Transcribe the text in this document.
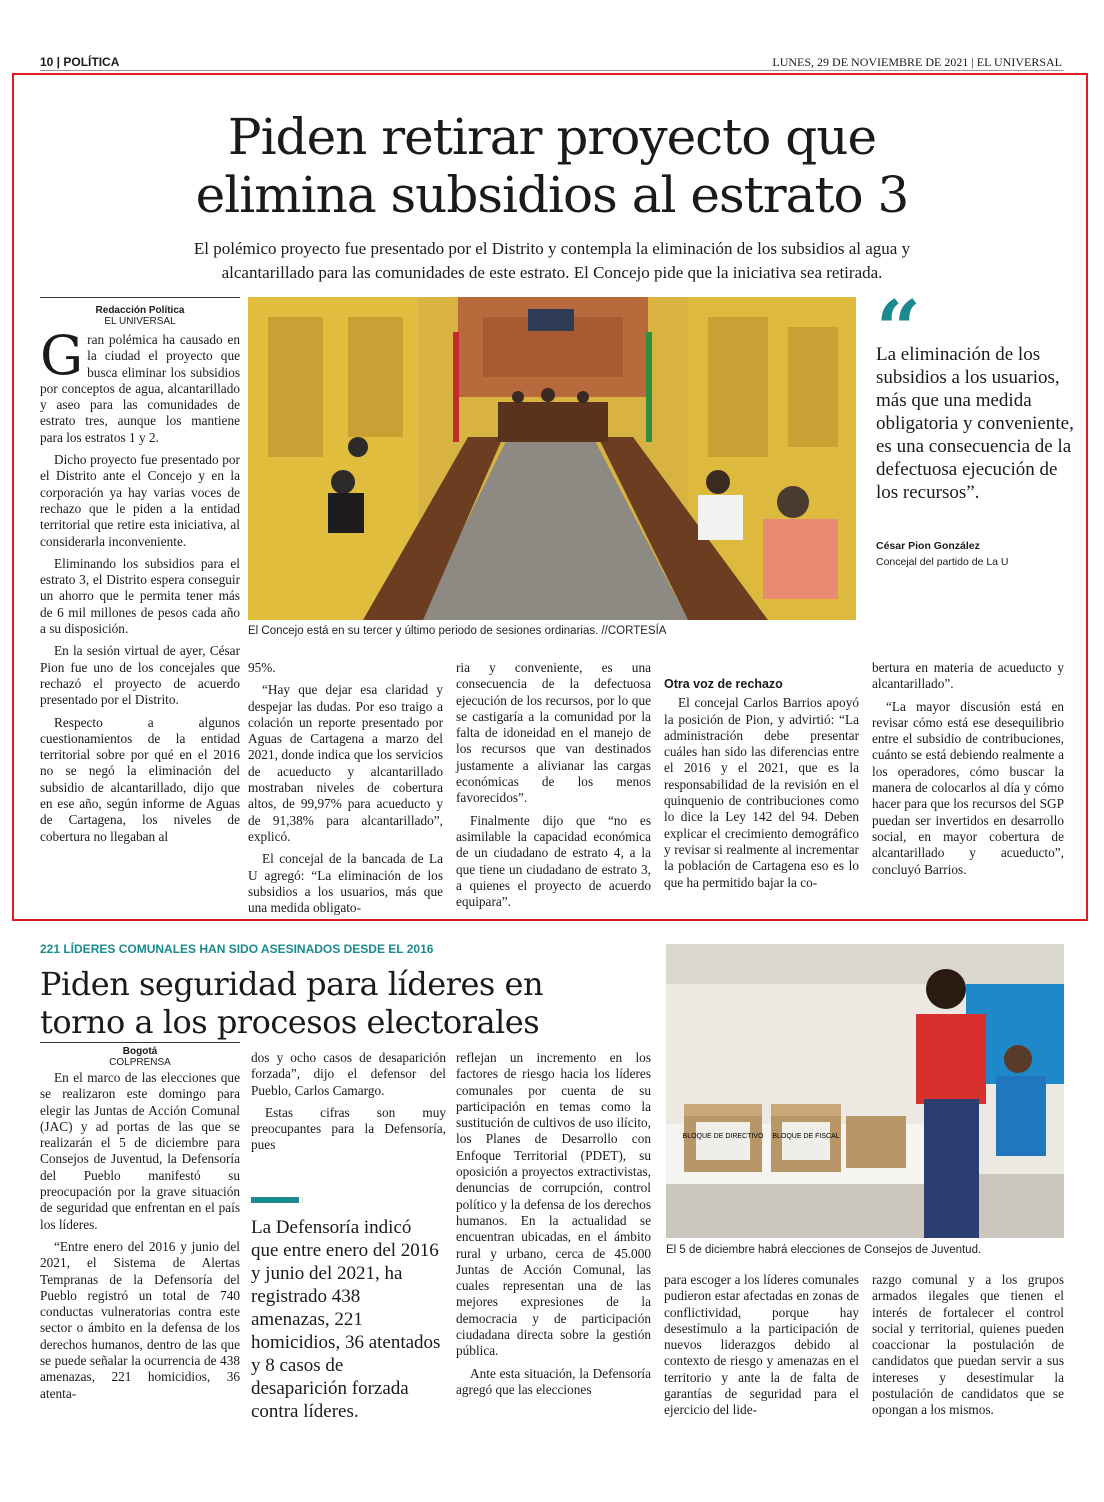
10 | POLÍTICA	LUNES, 29 DE NOVIEMBRE DE 2021 | EL UNIVERSAL
Piden retirar proyecto que
elimina subsidios al estrato 3
El polémico proyecto fue presentado por el Distrito y contempla la eliminación de los subsidios al agua y
alcantarillado para las comunidades de este estrato. El Concejo pide que la iniciativa sea retirada.
Redacción Política
EL UNIVERSAL

Gran polémica ha causado en la ciudad el proyecto que busca eliminar los subsidios por conceptos de agua, alcantarillado y aseo para las comunidades de estrato tres, aunque los mantiene para los estratos 1 y 2.

Dicho proyecto fue presentado por el Distrito ante el Concejo y en la corporación ya hay varias voces de rechazo que le piden a la entidad territorial que retire esta iniciativa, al considerarla inconveniente.

Eliminando los subsidios para el estrato 3, el Distrito espera conseguir un ahorro que le permita tener más de 6 mil millones de pesos cada año a su disposición.

En la sesión virtual de ayer, César Pion fue uno de los concejales que rechazó el proyecto de acuerdo presentado por el Distrito.

Respecto a algunos cuestionamientos de la entidad territorial sobre por qué en el 2016 no se negó la eliminación del subsidio de alcantarillado, dijo que en ese año, según informe de Aguas de Cartagena, los niveles de cobertura no llegaban al

El Concejo está en su tercer y último periodo de sesiones ordinarias. //CORTESÍA
“
La eliminación de los subsidios a los usuarios, más que una medida obligatoria y conveniente, es una consecuencia de la defectuosa ejecución de los recursos”.
César Pion González
Concejal del partido de La U

95%.

“Hay que dejar esa claridad y despejar las dudas. Por eso traigo a colación un reporte presentado por Aguas de Cartagena a marzo del 2021, donde indica que los servicios de acueducto y alcantarillado mostraban niveles de cobertura altos, de 99,97% para acueducto y de 91,38% para alcantarillado”, explicó.

El concejal de la bancada de La U agregó: “La eliminación de los subsidios a los usuarios, más que una medida obligato-

ria y conveniente, es una consecuencia de la defectuosa ejecución de los recursos, por lo que se castigaría a la comunidad por la falta de idoneidad en el manejo de los recursos que van destinados justamente a alivianar las cargas económicas de los menos favorecidos”.

Finalmente dijo que “no es asimilable la capacidad económica de un ciudadano de estrato 4, a la que tiene un ciudadano de estrato 3, a quienes el proyecto de acuerdo equipara”.

Otra voz de rechazo

El concejal Carlos Barrios apoyó la posición de Pion, y advirtió: “La administración debe presentar cuáles han sido las diferencias entre el 2016 y el 2021, que es la responsabilidad de la revisión en el quinquenio de contribuciones como lo dice la Ley 142 del 94. Deben explicar el crecimiento demográfico y revisar si realmente al incrementar la población de Cartagena eso es lo que ha permitido bajar la co-

bertura en materia de acueducto y alcantarillado”.

“La mayor discusión está en revisar cómo está ese desequilibrio entre el subsidio de contribuciones, cuánto se está debiendo realmente a los operadores, cómo buscar la manera de colocarlos al día y cómo hacer para que los recursos del SGP puedan ser invertidos en desarrollo social, en mayor cobertura de alcantarillado y acueducto”, concluyó Barrios.

221 LÍDERES COMUNALES HAN SIDO ASESINADOS DESDE EL 2016
Piden seguridad para líderes en
torno a los procesos electorales
Bogotá
COLPRENSA

En el marco de las elecciones que se realizaron este domingo para elegir las Juntas de Acción Comunal (JAC) y ad portas de las que se realizarán el 5 de diciembre para Consejos de Juventud, la Defensoría del Pueblo manifestó su preocupación por la grave situación de seguridad que enfrentan en el país los líderes.

“Entre enero del 2016 y junio del 2021, el Sistema de Alertas Tempranas de la Defensoría del Pueblo registró un total de 740 conductas vulneratorias contra este sector o ámbito en la defensa de los derechos humanos, dentro de las que se puede señalar la ocurrencia de 438 amenazas, 221 homicidios, 36 atenta-

dos y ocho casos de desaparición forzada”, dijo el defensor del Pueblo, Carlos Camargo.

Estas cifras son muy preocupantes para la Defensoría, pues

La Defensoría indicó que entre enero del 2016 y junio del 2021, ha registrado 438 amenazas, 221 homicidios, 36 atentados y 8 casos de desaparición forzada contra líderes.

reflejan un incremento en los factores de riesgo hacia los líderes comunales por cuenta de su participación en temas como la sustitución de cultivos de uso ilícito, los Planes de Desarrollo con Enfoque Territorial (PDET), su oposición a proyectos extractivistas, denuncias de corrupción, control político y la defensa de los derechos humanos. En la actualidad se encuentran ubicadas, en el ámbito rural y urbano, cerca de 45.000 Juntas de Acción Comunal, las cuales representan una de las mejores expresiones de la democracia y de participación ciudadana directa sobre la gestión pública.

Ante esta situación, la Defensoría agregó que las elecciones

BLOQUE DE DIRECTIVO BLOQUE DE FISCAL
El 5 de diciembre habrá elecciones de Consejos de Juventud.

para escoger a los líderes comunales pudieron estar afectadas en zonas de conflictividad, porque hay desestímulo a la participación de nuevos liderazgos debido al contexto de riesgo y amenazas en el territorio y ante la de falta de garantías de seguridad para el ejercicio del lide-

razgo comunal y a los grupos armados ilegales que tienen el interés de fortalecer el control social y territorial, quienes pueden coaccionar la postulación de candidatos que puedan servir a sus intereses y desestimular la postulación de candidatos que se opongan a los mismos.
